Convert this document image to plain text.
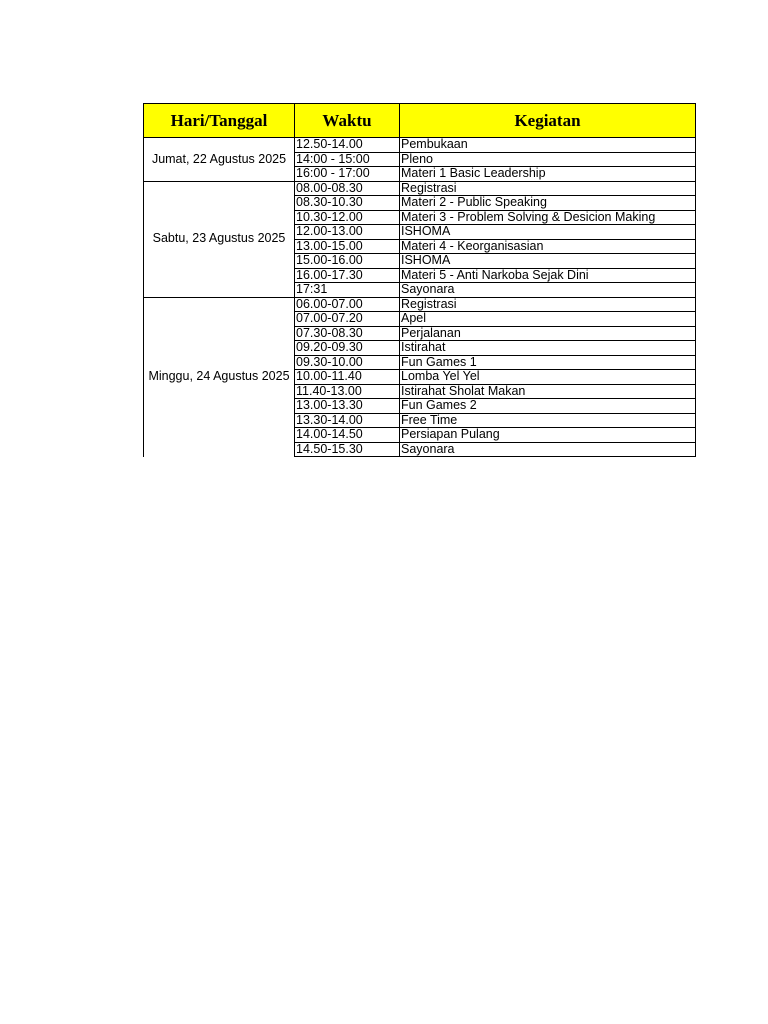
Hari/Tanggal	Waktu	Kegiatan
Jumat, 22 Agustus 2025	12.50-14.00	Pembukaan
	14:00 - 15:00	Pleno
	16:00 - 17:00	Materi 1 Basic Leadership
Sabtu, 23 Agustus 2025	08.00-08.30	Registrasi
	08.30-10.30	Materi 2 - Public Speaking
	10.30-12.00	Materi 3 - Problem Solving & Desicion Making
	12.00-13.00	ISHOMA
	13.00-15.00	Materi 4 - Keorganisasian
	15.00-16.00	ISHOMA
	16.00-17.30	Materi 5 - Anti Narkoba Sejak Dini
	17:31	Sayonara
Minggu, 24 Agustus 2025	06.00-07.00	Registrasi
	07.00-07.20	Apel
	07.30-08.30	Perjalanan
	09.20-09.30	Istirahat
	09.30-10.00	Fun Games 1
	10.00-11.40	Lomba Yel Yel
	11.40-13.00	Istirahat Sholat Makan
	13.00-13.30	Fun Games 2
	13.30-14.00	Free Time
	14.00-14.50	Persiapan Pulang
	14.50-15.30	Sayonara
